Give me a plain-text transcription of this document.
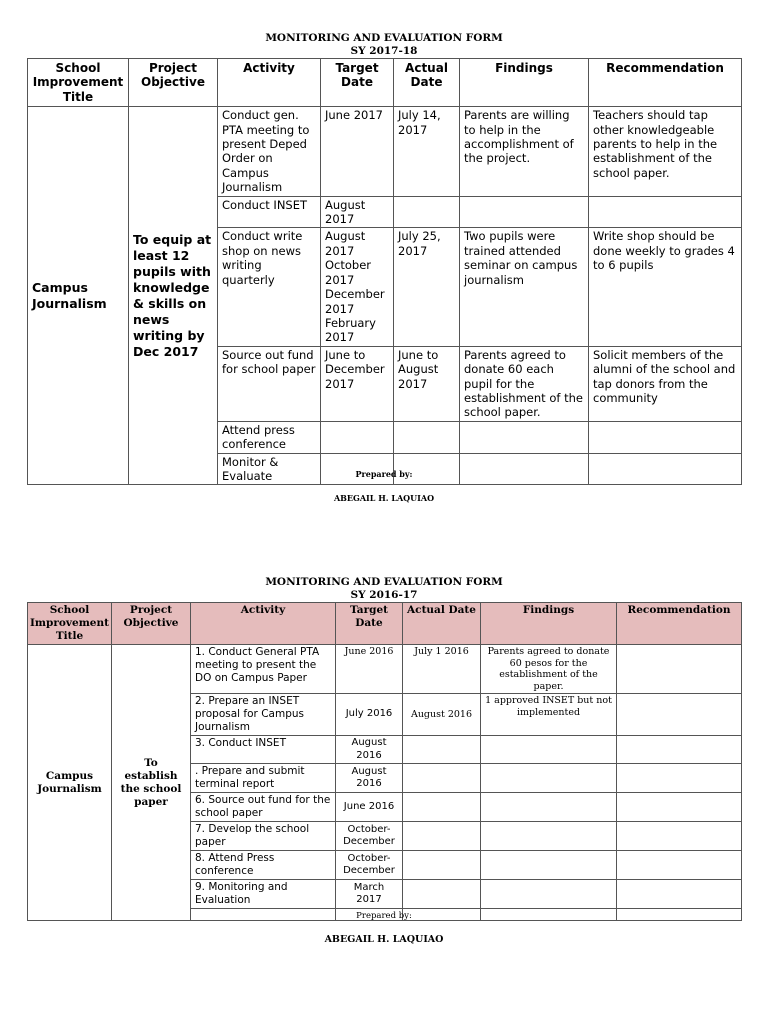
MONITORING AND EVALUATION FORM
SY 2017-18
School Improvement Title	Project Objective	Activity	Target Date	Actual Date	Findings	Recommendation
Campus Journalism	To equip at least 12 pupils with knowledge & skills on news writing by Dec 2017	Conduct gen. PTA meeting to present Deped Order on Campus Journalism	June 2017	July 14, 2017	Parents are willing to help in the accomplishment of the project.	Teachers should tap other knowledgeable parents to help in the establishment of the school paper.
		Conduct INSET	August 2017			
		Conduct write shop on news writing quarterly	August 2017 October 2017 December 2017 February 2017	July 25, 2017	Two pupils were trained attended seminar on campus journalism	Write shop should be done weekly to grades 4 to 6 pupils
		Source out fund for school paper	June to December 2017	June to August 2017	Parents agreed to donate 60 each pupil for the establishment of the school paper.	Solicit members of the alumni of the school and tap donors from the community
		Attend press conference				
		Monitor & Evaluate					Prepared by:
ABEGAIL H. LAQUIAO
MONITORING AND EVALUATION FORM
SY 2016-17
School Improvement Title	Project Objective	Activity	Target Date	Actual Date	Findings	Recommendation
Campus Journalism	To establish the school paper	1. Conduct General PTA meeting to present the DO on Campus Paper	June 2016	July 1 2016	Parents agreed to donate 60 pesos for the establishment of the paper.	
		2. Prepare an INSET proposal for Campus Journalism	July 2016	August 2016	1 approved INSET but not implemented	
		3. Conduct INSET	August 2016			
		. Prepare and submit terminal report	August 2016			
		6. Source out fund for the school paper	June 2016			
		7. Develop the school paper	October-December			
		8. Attend Press conference	October-December			
		9. Monitoring and Evaluation	March 2017			

Prepared by:
ABEGAIL H. LAQUIAO
